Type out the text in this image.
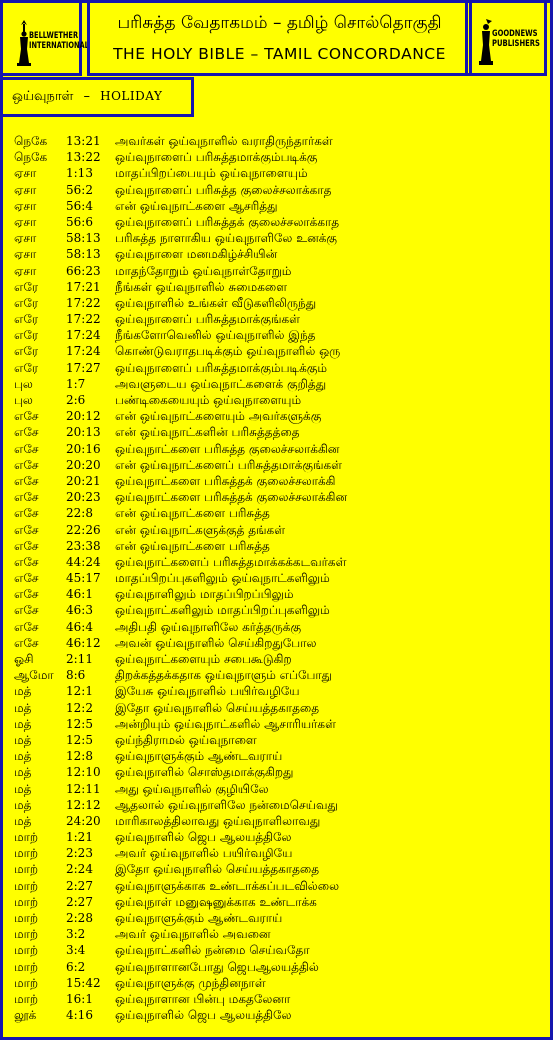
BELLWETHER INTERNATIONAL
பரிசுத்த வேதாகமம் – தமிழ் சொல்தொகுதி
THE HOLY BIBLE – TAMIL CONCORDANCE
GOODNEWS PUBLISHERS
ஒய்வுநாள் – HOLIDAY
நெகே 13:21 அவர்கள் ஒய்வுநாளில் வராதிருந்தார்கள்
நெகே 13:22 ஒய்வுநாளைப் பரிசுத்தமாக்கும்படிக்கு
ஏசா 1:13 மாதப்பிறப்பையும் ஒய்வுநாளையும்
ஏசா 56:2 ஒய்வுநாளைப் பரிசுத்த குலைச்சலாக்காத
ஏசா 56:4 என் ஒய்வுநாட்களை ஆசரித்து
ஏசா 56:6 ஒய்வுநாளைப் பரிசுத்தக் குலைச்சலாக்காத
ஏசா 58:13 பரிசுத்த நாளாகிய ஒய்வுநாளிலே உனக்கு
ஏசா 58:13 ஒய்வுநாளை மனமகிழ்ச்சியின்
ஏசா 66:23 மாதந்தோறும் ஒய்வுநாள்தோறும்
எரே 17:21 நீங்கள் ஒய்வுநாளில் சுமைகளை
எரே 17:22 ஒய்வுநாளில் உங்கள் வீடுகளிலிருந்து
எரே 17:22 ஒய்வுநாளைப் பரிசுத்தமாக்குங்கள்
எரே 17:24 நீங்களோவெனில் ஒய்வுநாளில் இந்த
எரே 17:24 கொண்டுவராதபடிக்கும் ஒய்வுநாளில் ஒரு
எரே 17:27 ஒய்வுநாளைப் பரிசுத்தமாக்கும்படிக்கும்
புல	1:7 அவளுடைய ஒய்வுநாட்களைக் குறித்து
புல	2:6 பண்டிகையையும் ஒய்வுநாளையும்
எசே 20:12 என் ஒய்வுநாட்களையும் அவர்களுக்கு
எசே 20:13 என் ஒய்வுநாட்களின் பரிசுத்தத்தை
எசே 20:16 ஒய்வுநாட்களை பரிசுத்த குலைச்சலாக்கின
எசே 20:20 என் ஒய்வுநாட்களைப் பரிசுத்தமாக்குங்கள்
எசே 20:21 ஒய்வுநாட்களை பரிசுத்தக் குலைச்சலாக்கி
எசே 20:23 ஒய்வுநாட்களை பரிசுத்தக் குலைச்சலாக்கின
எசே 22:8 என் ஒய்வுநாட்களை பரிசுத்த
எசே 22:26 என் ஒய்வுநாட்களுக்குத் தங்கள்
எசே 23:38 என் ஒய்வுநாட்களை பரிசுத்த
எசே 44:24 ஒய்வுநாட்களைப் பரிசுத்தமாக்கக்கடவர்கள்
எசே 45:17 மாதப்பிறப்புகளிலும் ஒய்வுநாட்களிலும்
எசே 46:1 ஒய்வுநாளிலும் மாதப்பிறப்பிலும்
எசே 46:3 ஒய்வுநாட்களிலும் மாதப்பிறப்புகளிலும்
எசே 46:4 அதிபதி ஒய்வுநாளிலே கர்த்தருக்கு
எசே 46:12 அவன் ஒய்வுநாளில் செய்கிறதுபோல
ஓசி	2:11 ஒய்வுநாட்களையும் சபைகூடுகிற
ஆமோ 8:6 திறக்கத்தக்கதாக ஒய்வுநாளும் எப்போது
மத்	12:1 இயேசு ஒய்வுநாளில் பயிர்வழியே
மத்	12:2 இதோ ஒய்வுநாளில் செய்யத்தகாததை
மத்	12:5 அன்றியும் ஒய்வுநாட்களில் ஆசாரியர்கள்
மத்	12:5 ஒய்ந்திராமல் ஒய்வுநாளை
மத்	12:8 ஒய்வுநாளுக்கும் ஆண்டவராய்
மத்	12:10 ஒய்வுநாளில் சொஸ்தமாக்குகிறது
மத்	12:11 அது ஒய்வுநாளில் குழியிலே
மத்	12:12 ஆதலால் ஒய்வுநாளிலே நன்மைசெய்வது
மத்	24:20 மாரிகாலத்திலாவது ஒய்வுநாளிலாவது
மாற் 1:21 ஒய்வுநாளில் ஜெப ஆலயத்திலே
மாற் 2:23 அவர் ஒய்வுநாளில் பயிர்வழியே
மாற் 2:24 இதோ ஒய்வுநாளில் செய்யத்தகாததை
மாற் 2:27 ஒய்வுநாளுக்காக உண்டாக்கப்படவில்லை
மாற் 2:27 ஒய்வுநாள் மனுஷனுக்காக உண்டாக்க
மாற் 2:28 ஒய்வுநாளுக்கும் ஆண்டவராய்
மாற் 3:2 அவர் ஒய்வுநாளில் அவனை
மாற் 3:4 ஒய்வுநாட்களில் நன்மை செய்வதோ
மாற் 6:2 ஒய்வுநாளானபோது ஜெபஆலயத்தில்
மாற் 15:42 ஒய்வுநாளுக்கு முந்தினநாள்
மாற் 16:1 ஒய்வுநாளான பின்பு மகதலேனா
லூக் 4:16 ஒய்வுநாளில் ஜெப ஆலயத்திலே
